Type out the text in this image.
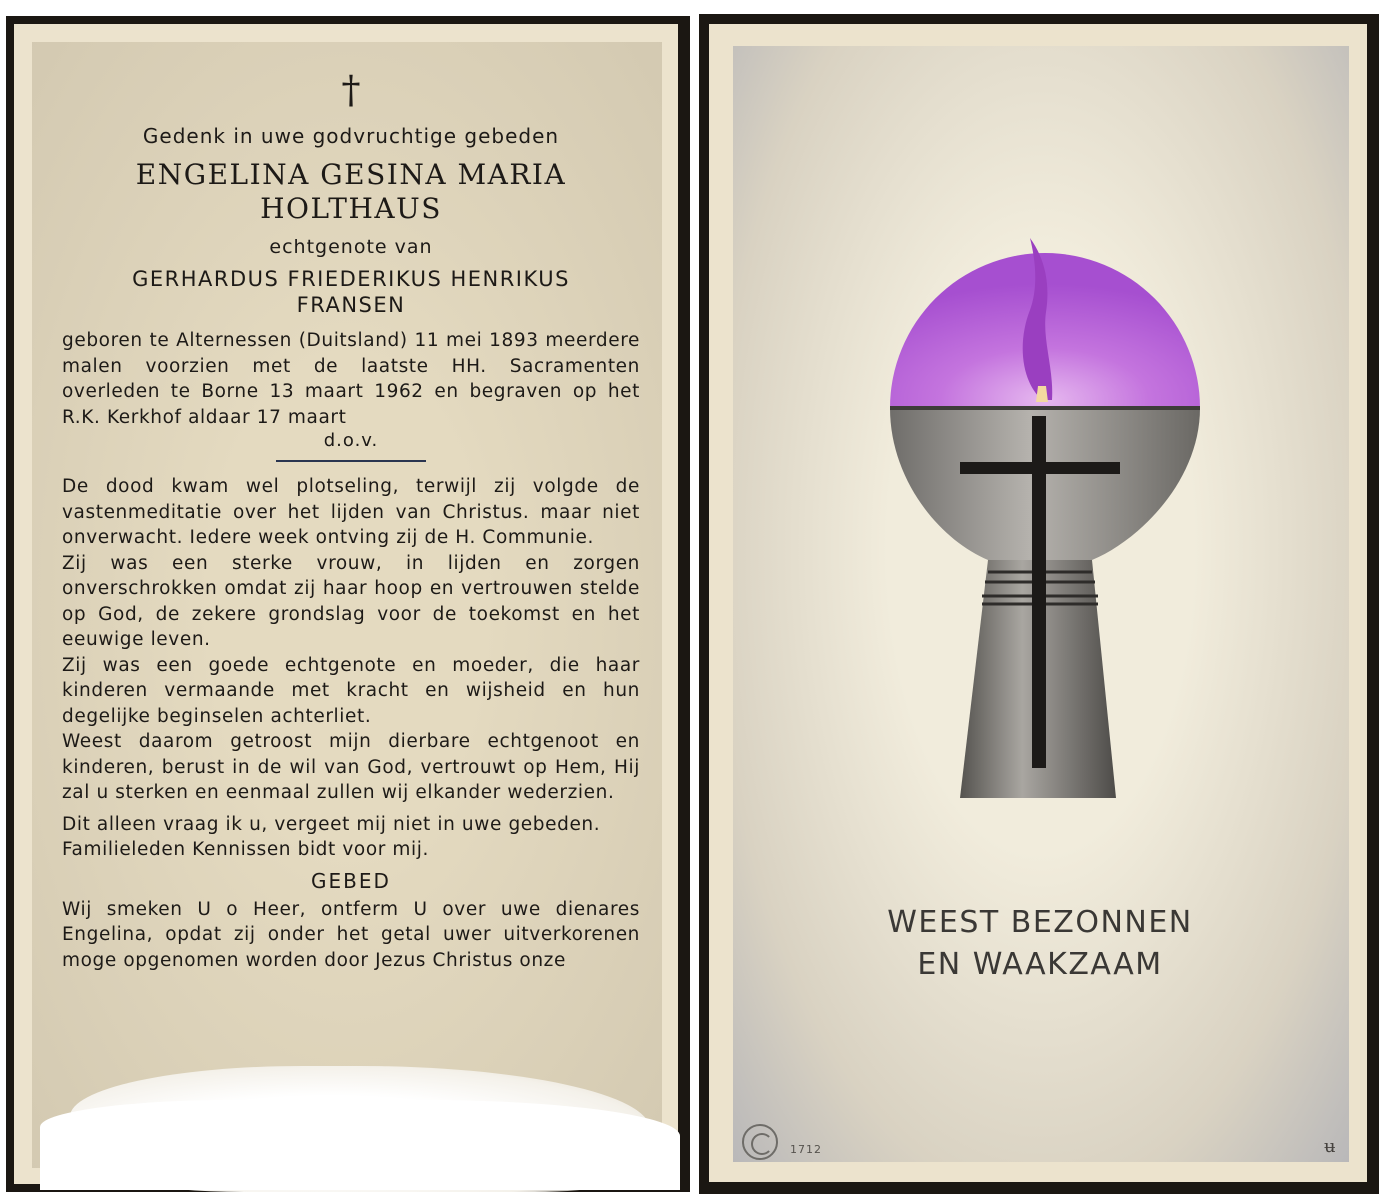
†
Gedenk in uwe godvruchtige gebeden
ENGELINA GESINA MARIA
HOLTHAUS
echtgenote van
GERHARDUS FRIEDERIKUS HENRIKUS
FRANSEN
geboren te Alternessen (Duitsland) 11 mei 1893 meerdere malen voorzien met de laatste HH. Sacramenten overleden te Borne 13 maart 1962 en begraven op het R.K. Kerkhof aldaar 17 maart
d.o.v.

De dood kwam wel plotseling, terwijl zij volgde de vastenmeditatie over het lijden van Christus. maar niet onverwacht. Iedere week ontving zij de H. Communie.

Zij was een sterke vrouw, in lijden en zorgen onverschrokken omdat zij haar hoop en vertrouwen stelde op God, de zekere grondslag voor de toekomst en het eeuwige leven.

Zij was een goede echtgenote en moeder, die haar kinderen vermaande met kracht en wijsheid en hun degelijke beginselen achterliet.

Weest daarom getroost mijn dierbare echtgenoot en kinderen, berust in de wil van God, vertrouwt op Hem, Hij zal u sterken en eenmaal zullen wij elkander wederzien.

Dit alleen vraag ik u, vergeet mij niet in uwe gebeden.

Familieleden Kennissen bidt voor mij.

GEBED
Wij smeken U o Heer, ontferm U over uwe dienares Engelina, opdat zij onder het getal uwer uitverkorenen moge opgenomen worden door Jezus Christus onze
WEEST BEZONNEN
EN WAAKZAAM
1712	ʉ
